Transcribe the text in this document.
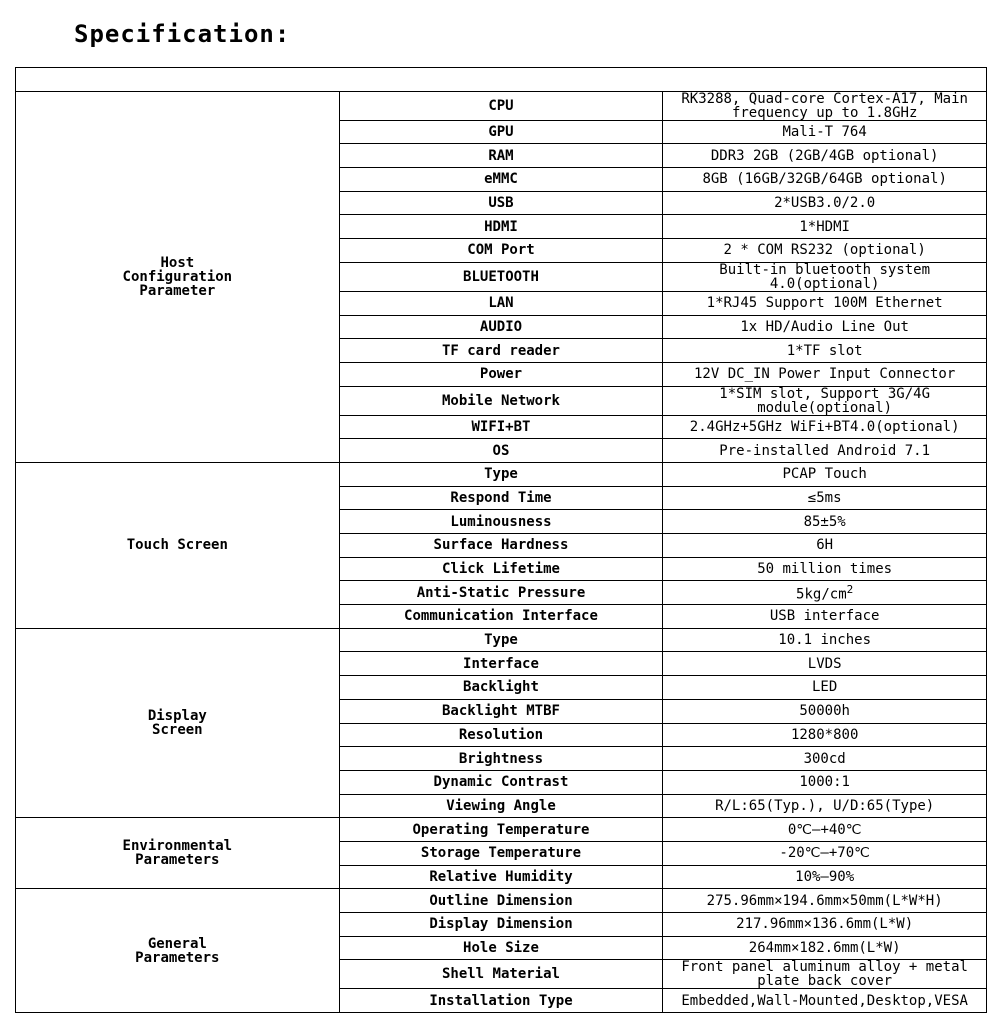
Specification:

Host
Configuration
Parameter	CPU	RK3288, Quad-core Cortex-A17, Main frequency up to 1.8GHz
	GPU	Mali-T 764
	RAM	DDR3 2GB (2GB/4GB optional)
	eMMC	8GB (16GB/32GB/64GB optional)
	USB	2*USB3.0/2.0
	HDMI	1*HDMI
	COM Port	2 * COM RS232 (optional)
	BLUETOOTH	Built-in bluetooth system 4.0(optional)
	LAN	1*RJ45 Support 100M Ethernet
	AUDIO	1x HD/Audio Line Out
	TF card reader	1*TF slot
	Power	12V DC_IN Power Input Connector
	Mobile Network	1*SIM slot, Support 3G/4G module(optional)
	WIFI+BT	2.4GHz+5GHz WiFi+BT4.0(optional)
	OS	Pre-installed Android 7.1
Touch Screen	Type	PCAP Touch
	Respond Time	≤5ms
	Luminousness	85±5%
	Surface Hardness	6H
	Click Lifetime	50 million times
	Anti-Static Pressure	$5kg/cm^2$
	Communication Interface	USB interface
Display
Screen	Type	10.1 inches
	Interface	LVDS
	Backlight	LED
	Backlight MTBF	50000h
	Resolution	1280*800
	Brightness	300cd
	Dynamic Contrast	1000:1
	Viewing Angle	R/L:65(Typ.), U/D:65(Type)
Environmental
Parameters	Operating Temperature	0℃—+40℃
	Storage Temperature	-20℃—+70℃
	Relative Humidity	10%—90%
General
Parameters	Outline Dimension	275.96mm×194.6mm×50mm(L*W*H)
	Display Dimension	217.96mm×136.6mm(L*W)
	Hole Size	264mm×182.6mm(L*W)
	Shell Material	Front panel aluminum alloy + metal plate back cover
	Installation Type	Embedded,Wall-Mounted,Desktop,VESA
